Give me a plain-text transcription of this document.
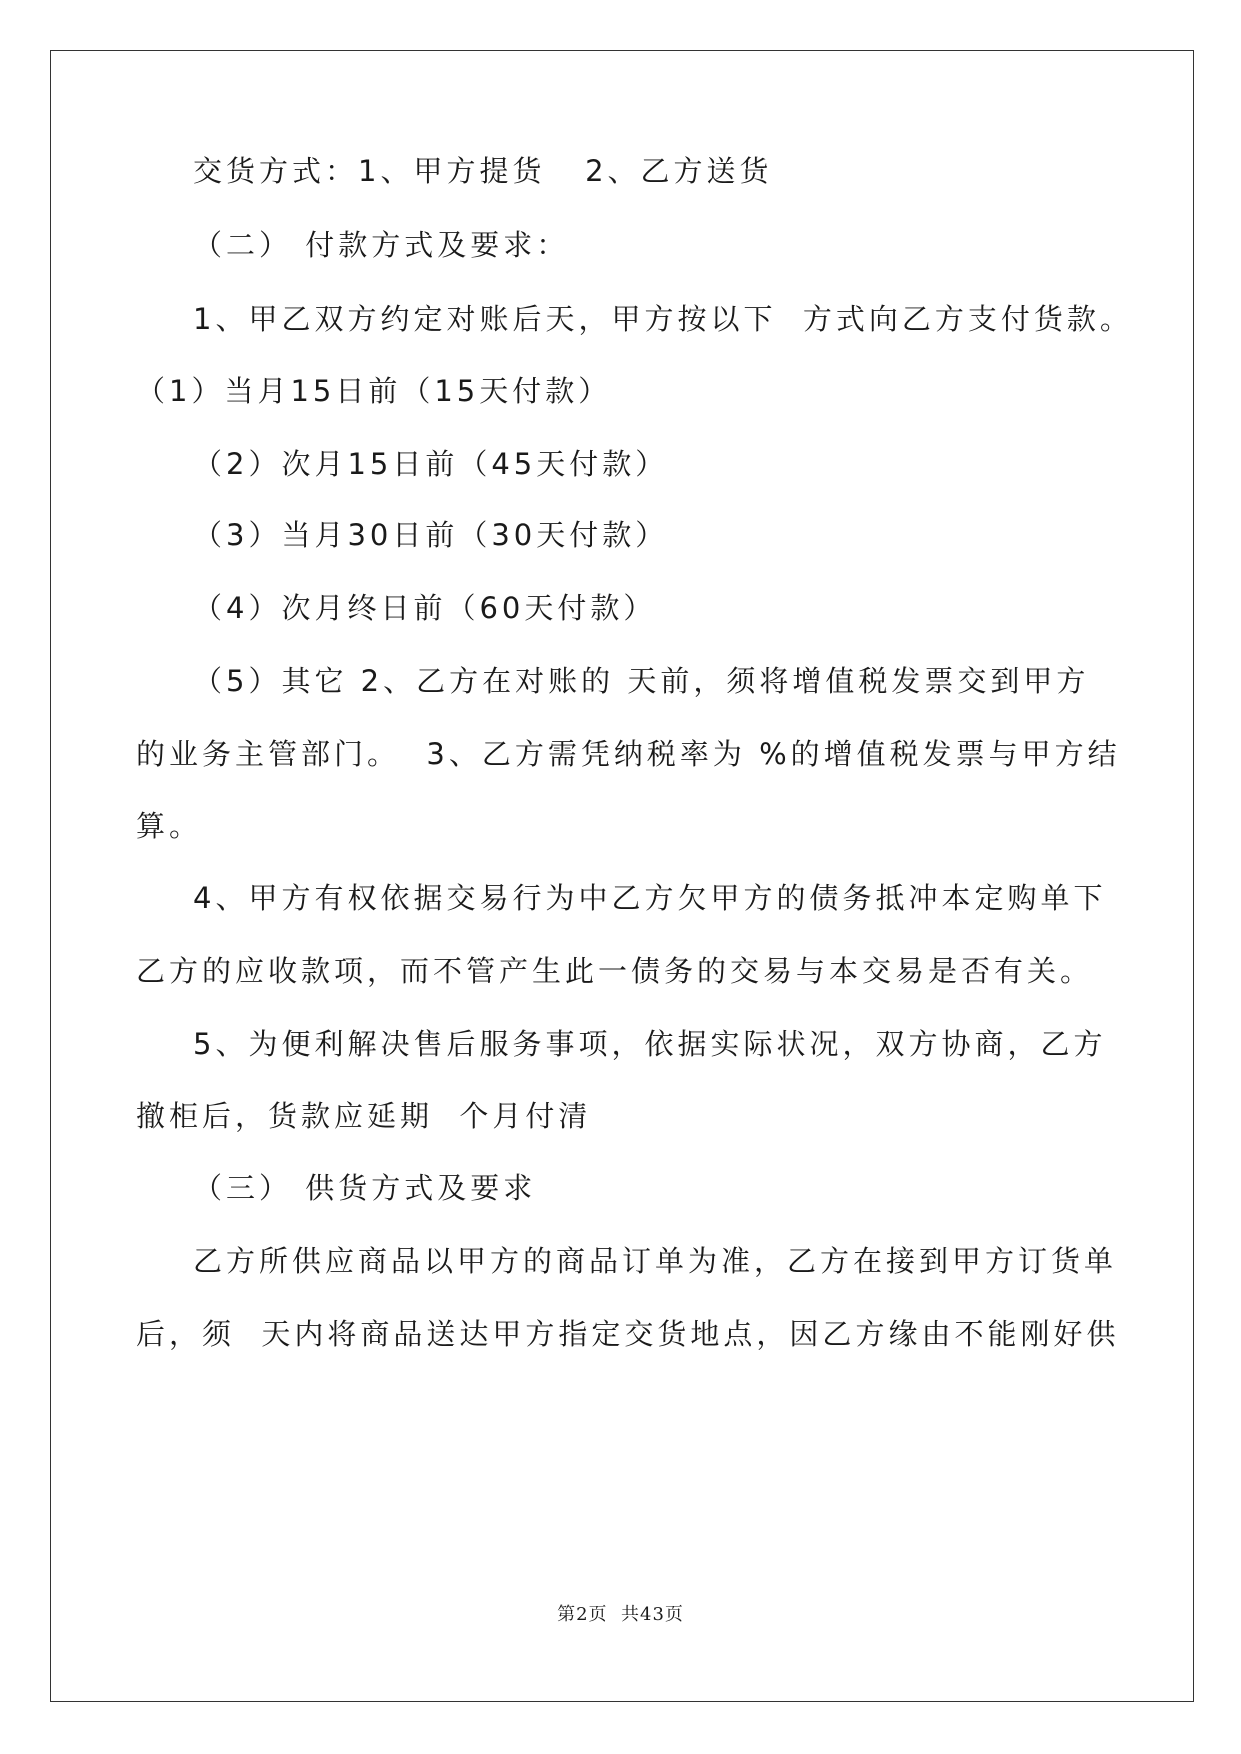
交货方式：1、甲方提货   2、乙方送货
（二） 付款方式及要求：
1、甲乙双方约定对账后天，甲方按以下  方式向乙方支付货款。
（1）当月15日前（15天付款）
（2）次月15日前（45天付款）
（3）当月30日前（30天付款）
（4）次月终日前（60天付款）
（5）其它 2、乙方在对账的 天前，须将增值税发票交到甲方
的业务主管部门。  3、乙方需凭纳税率为 %的增值税发票与甲方结
算。
4、甲方有权依据交易行为中乙方欠甲方的债务抵冲本定购单下
乙方的应收款项，而不管产生此一债务的交易与本交易是否有关。
5、为便利解决售后服务事项，依据实际状况，双方协商，乙方
撤柜后，货款应延期  个月付清
（三） 供货方式及要求
乙方所供应商品以甲方的商品订单为准，乙方在接到甲方订货单
后，须  天内将商品送达甲方指定交货地点，因乙方缘由不能刚好供
第2页  共43页
